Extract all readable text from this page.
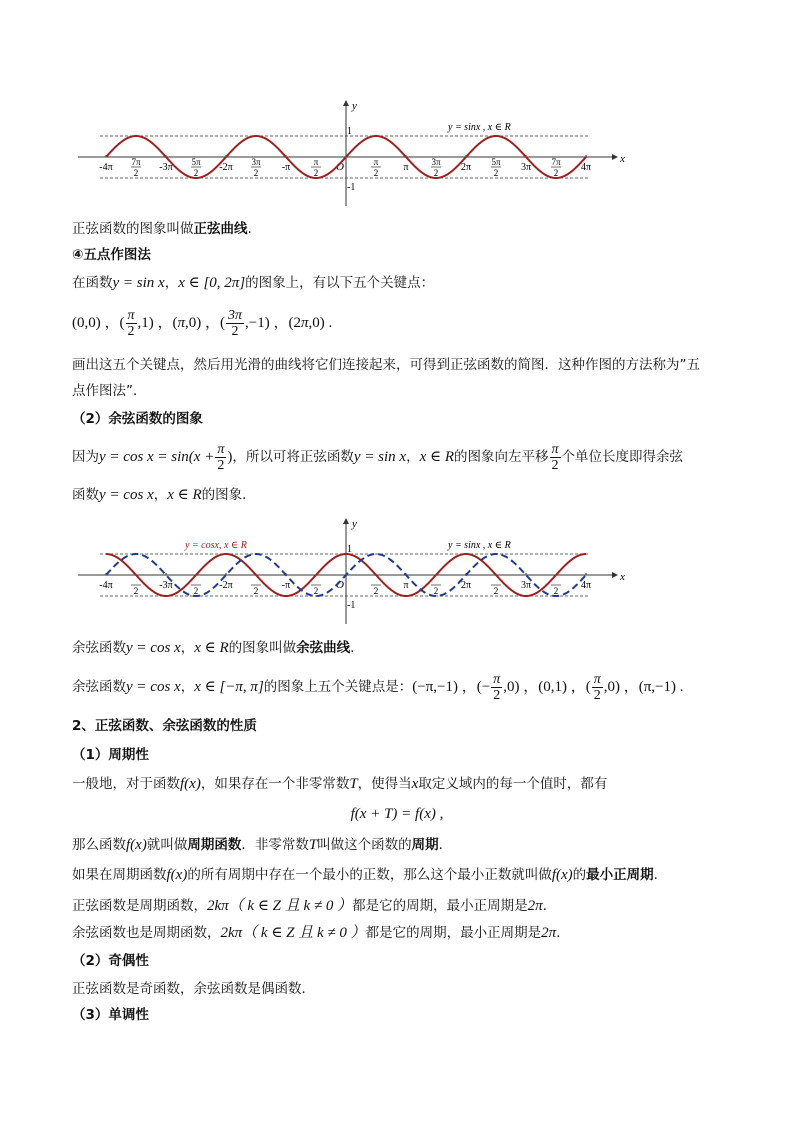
x
y
1
-1
-4π	-3π	-2π	-π	O	π	2π	3π	4π
7π
2
5π
2
3π
2
π
2
π
2
3π
2
5π
2
7π
2
y = sinx , x ∈ R
正弦函数的图象叫做正弦曲线.
④五点作图法
在函数y = sin x，x ∈ [0, 2π]的图象上，有以下五个关键点：
(0,0) ，( $\frac{\pi}{2} ,1$) ，(π,0) ，( $\frac{3\pi}{2} ,-1$) ，(2π,0) .
画出这五个关键点，然后用光滑的曲线将它们连接起来，可得到正弦函数的简图．这种作图的方法称为”五
点作图法”．
（2）余弦函数的图象
因为$y = \cos x = \sin(x + \frac{\pi}{2}$ )，所以可将正弦函数y = sin x，x ∈ R的图象向左平移 $\frac{\pi}{2}$ 个单位长度即得余弦
函数y = cos x，x ∈ R的图象．
x
y
1
-1
-4π	-3π	-2π	-π	O	π	2π	3π	4π
2	2	2	2	2	2	2	2
y = cosx, x ∈ R	y = sinx , x ∈ R
余弦函数y = cos x，x ∈ R的图象叫做余弦曲线.
余弦函数y = cos x，x ∈ [−π, π]的图象上五个关键点是：(−π,−1) ，(− $\frac{\pi}{2} ,0$) ，(0,1) ，( $\frac{\pi}{2} ,0$) ，(π,−1) .
2、正弦函数、余弦函数的性质
（1）周期性
一般地，对于函数f(x)，如果存在一个非零常数T，使得当x取定义域内的每一个值时，都有
f(x + T) = f(x) ,
那么函数f(x)就叫做周期函数．非零常数T叫做这个函数的周期．
如果在周期函数f(x)的所有周期中存在一个最小的正数，那么这个最小正数就叫做f(x)的最小正周期．
正弦函数是周期函数，2kπ（ k ∈ Z 且 k ≠ 0 ）都是它的周期，最小正周期是2π．
余弦函数也是周期函数，2kπ（ k ∈ Z 且 k ≠ 0 ）都是它的周期，最小正周期是2π．
（2）奇偶性
正弦函数是奇函数，余弦函数是偶函数．
（3）单调性
